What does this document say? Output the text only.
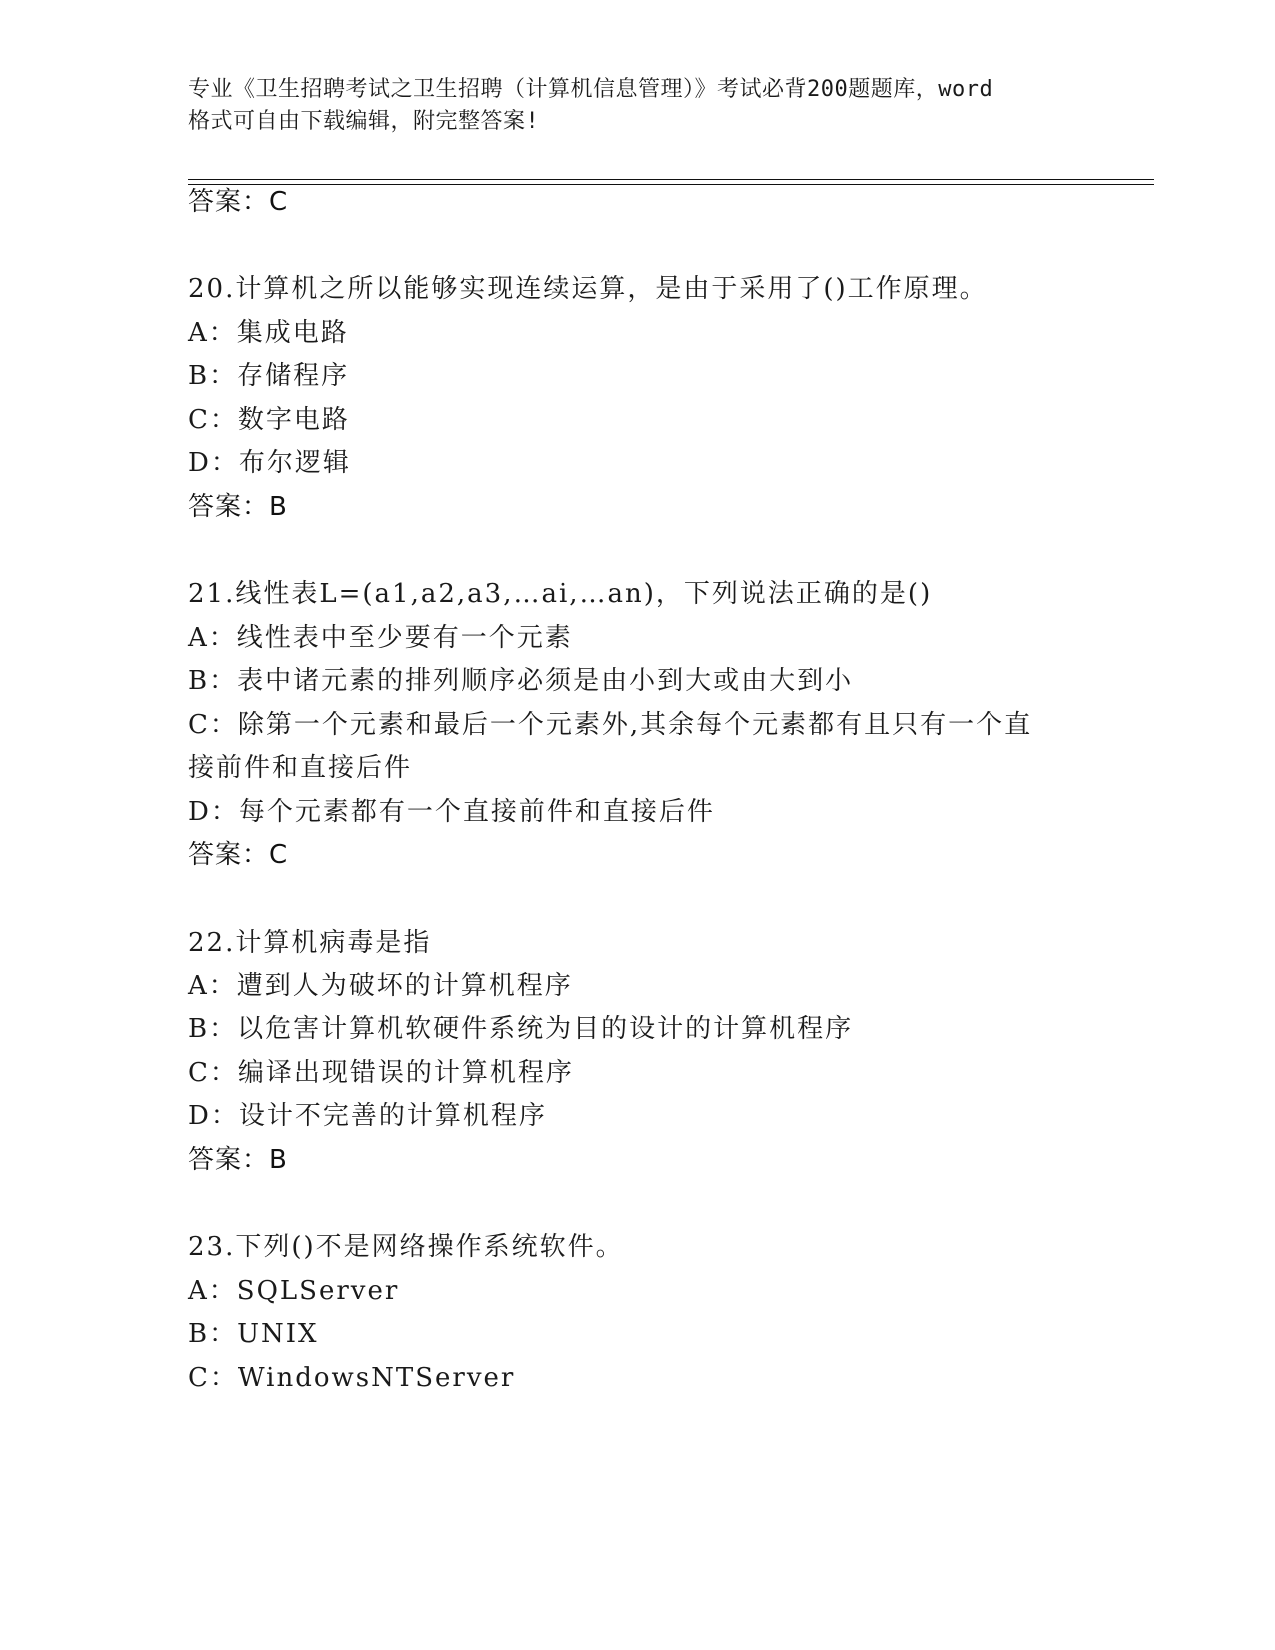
专业《卫生招聘考试之卫生招聘（计算机信息管理）》考试必背200题题库，word
格式可自由下载编辑，附完整答案!
答案：C
20.计算机之所以能够实现连续运算，是由于采用了()工作原理。
A：集成电路
B：存储程序
C：数字电路
D：布尔逻辑
答案：B
21.线性表L=(a1,a2,a3,…ai,…an)，下列说法正确的是()
A：线性表中至少要有一个元素
B：表中诸元素的排列顺序必须是由小到大或由大到小
C：除第一个元素和最后一个元素外,其余每个元素都有且只有一个直
接前件和直接后件
D：每个元素都有一个直接前件和直接后件
答案：C
22.计算机病毒是指
A：遭到人为破坏的计算机程序
B：以危害计算机软硬件系统为目的设计的计算机程序
C：编译出现错误的计算机程序
D：设计不完善的计算机程序
答案：B
23.下列()不是网络操作系统软件。
A：SQLServer
B：UNIX
C：WindowsNTServer
